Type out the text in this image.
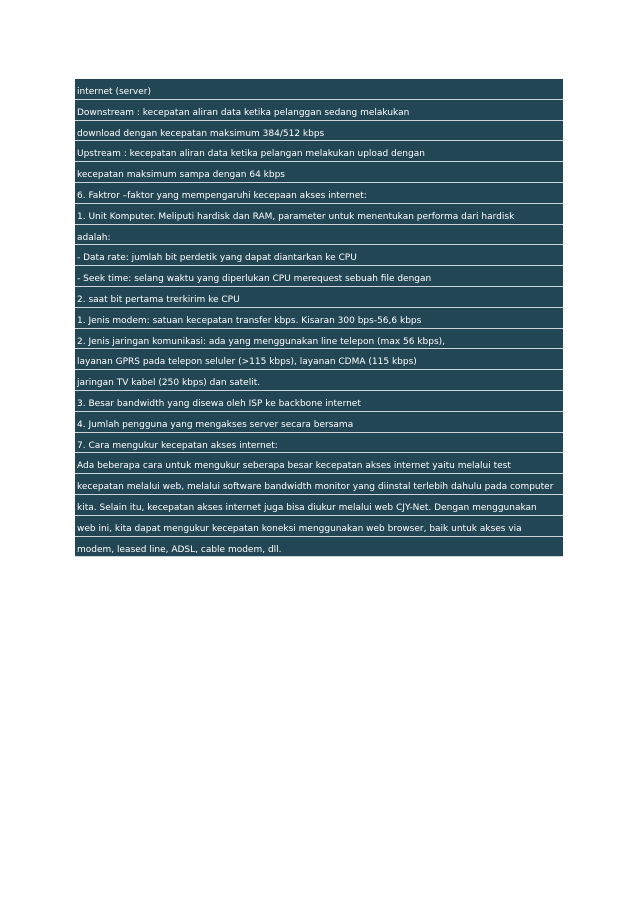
internet (server)
Downstream : kecepatan aliran data ketika pelanggan sedang melakukan
download dengan kecepatan maksimum 384/512 kbps
Upstream : kecepatan aliran data ketika pelangan melakukan upload dengan
kecepatan maksimum sampa dengan 64 kbps
6. Faktror –faktor yang mempengaruhi kecepaan akses internet:
1. Unit Komputer. Meliputi hardisk dan RAM, parameter untuk menentukan performa dari hardisk
adalah:
- Data rate: jumlah bit perdetik yang dapat diantarkan ke CPU
- Seek time: selang waktu yang diperlukan CPU merequest sebuah file dengan
2. saat bit pertama trerkirim ke CPU
1. Jenis modem: satuan kecepatan transfer kbps. Kisaran 300 bps-56,6 kbps
2. Jenis jaringan komunikasi: ada yang menggunakan line telepon (max 56 kbps),
layanan GPRS pada telepon seluler (>115 kbps), layanan CDMA (115 kbps)
jaringan TV kabel (250 kbps) dan satelit.
3. Besar bandwidth yang disewa oleh ISP ke backbone internet
4. Jumlah pengguna yang mengakses server secara bersama
7. Cara mengukur kecepatan akses internet:
Ada beberapa cara untuk mengukur seberapa besar kecepatan akses internet yaitu melalui test
kecepatan melalui web, melalui software bandwidth monitor yang diinstal terlebih dahulu pada computer
kita. Selain itu, kecepatan akses internet juga bisa diukur melalui web CJY-Net. Dengan menggunakan
web ini, kita dapat mengukur kecepatan koneksi menggunakan web browser, baik untuk akses via
modem, leased line, ADSL, cable modem, dll.
